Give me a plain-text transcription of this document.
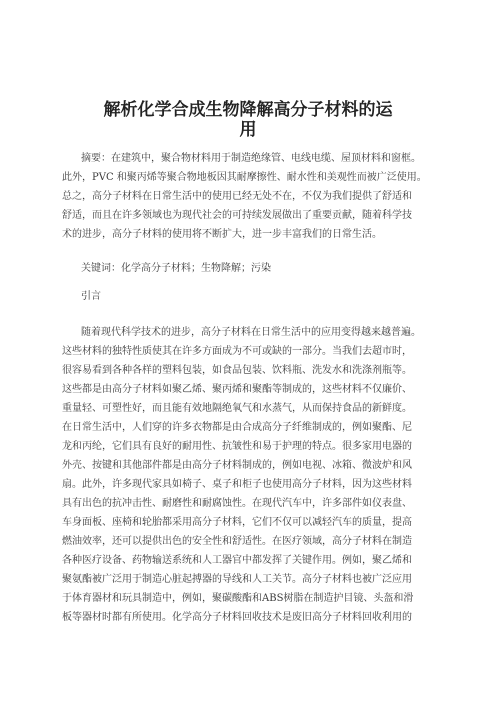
解析化学合成生物降解高分子材料的运
用
摘要：在建筑中，聚合物材料用于制造绝缘管、电线电缆、屋顶材料和窗框。
此外，PVC 和聚丙烯等聚合物地板因其耐摩擦性、耐水性和美观性而被广泛使用。
总之，高分子材料在日常生活中的使用已经无处不在，不仅为我们提供了舒适和
舒适，而且在许多领域也为现代社会的可持续发展做出了重要贡献，随着科学技
术的进步，高分子材料的使用将不断扩大，进一步丰富我们的日常生活。
关键词：化学高分子材料；生物降解；污染
引言
随着现代科学技术的进步，高分子材料在日常生活中的应用变得越来越普遍。
这些材料的独特性质使其在许多方面成为不可或缺的一部分。当我们去超市时，
很容易看到各种各样的塑料包装，如食品包装、饮料瓶、洗发水和洗涤剂瓶等。
这些都是由高分子材料如聚乙烯、聚丙烯和聚酯等制成的，这些材料不仅廉价、
重量轻、可塑性好，而且能有效地隔绝氧气和水蒸气，从而保持食品的新鲜度。
在日常生活中，人们穿的许多衣物都是由合成高分子纤维制成的，例如聚酯、尼
龙和丙纶，它们具有良好的耐用性、抗皱性和易于护理的特点。很多家用电器的
外壳、按键和其他部件都是由高分子材料制成的，例如电视、冰箱、微波炉和风
扇。此外，许多现代家具如椅子、桌子和柜子也使用高分子材料，因为这些材料
具有出色的抗冲击性、耐磨性和耐腐蚀性。在现代汽车中，许多部件如仪表盘、
车身面板、座椅和轮胎都采用高分子材料，它们不仅可以减轻汽车的质量，提高
燃油效率，还可以提供出色的安全性和舒适性。在医疗领域，高分子材料在制造
各种医疗设备、药物输送系统和人工器官中都发挥了关键作用。例如，聚乙烯和
聚氨酯被广泛用于制造心脏起搏器的导线和人工关节。高分子材料也被广泛应用
于体育器材和玩具制造中，例如，聚碳酸酯和ABS树脂在制造护目镜、头盔和滑
板等器材时都有所使用。化学高分子材料回收技术是废旧高分子材料回收利用的
